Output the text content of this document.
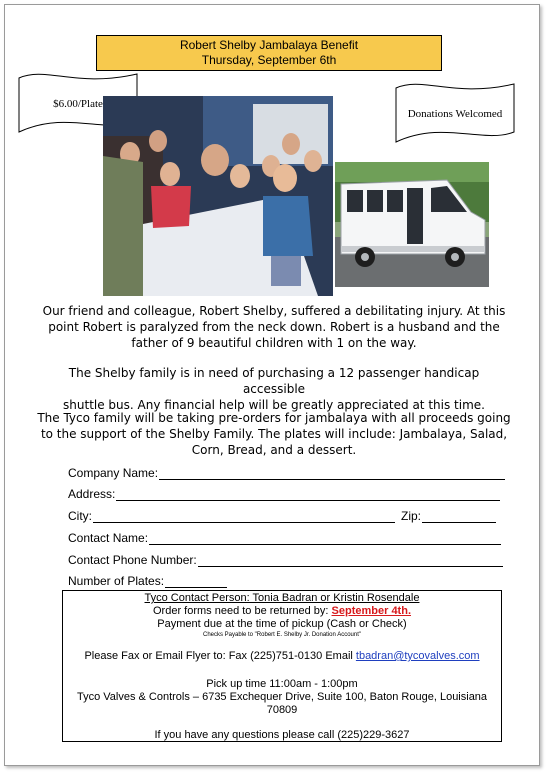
Robert Shelby Jambalaya Benefit
Thursday, September 6th
$6.00/Plate
Donations Welcomed
Our friend and colleague, Robert Shelby, suffered a debilitating injury. At this
point Robert is paralyzed from the neck down. Robert is a husband and the
father of 9 beautiful children with 1 on the way.
The Shelby family is in need of purchasing a 12 passenger handicap accessible
shuttle bus. Any financial help will be greatly appreciated at this time.
The Tyco family will be taking pre-orders for jambalaya with all proceeds going
to the support of the Shelby Family. The plates will include: Jambalaya, Salad,
Corn, Bread, and a dessert.
Company Name:
Address:
City:	Zip:
Contact Name:
Contact Phone Number:
Number of Plates:
Tyco Contact Person: Tonia Badran or Kristin Rosendale
Order forms need to be returned by: September 4th.
Payment due at the time of pickup (Cash or Check)
Checks Payable to "Robert E. Shelby Jr. Donation Account"
Please Fax or Email Flyer to: Fax (225)751-0130 Email tbadran@tycovalves.com
Pick up time 11:00am - 1:00pm
Tyco Valves & Controls – 6735 Exchequer Drive, Suite 100, Baton Rouge, Louisiana 70809
If you have any questions please call (225)229-3627
